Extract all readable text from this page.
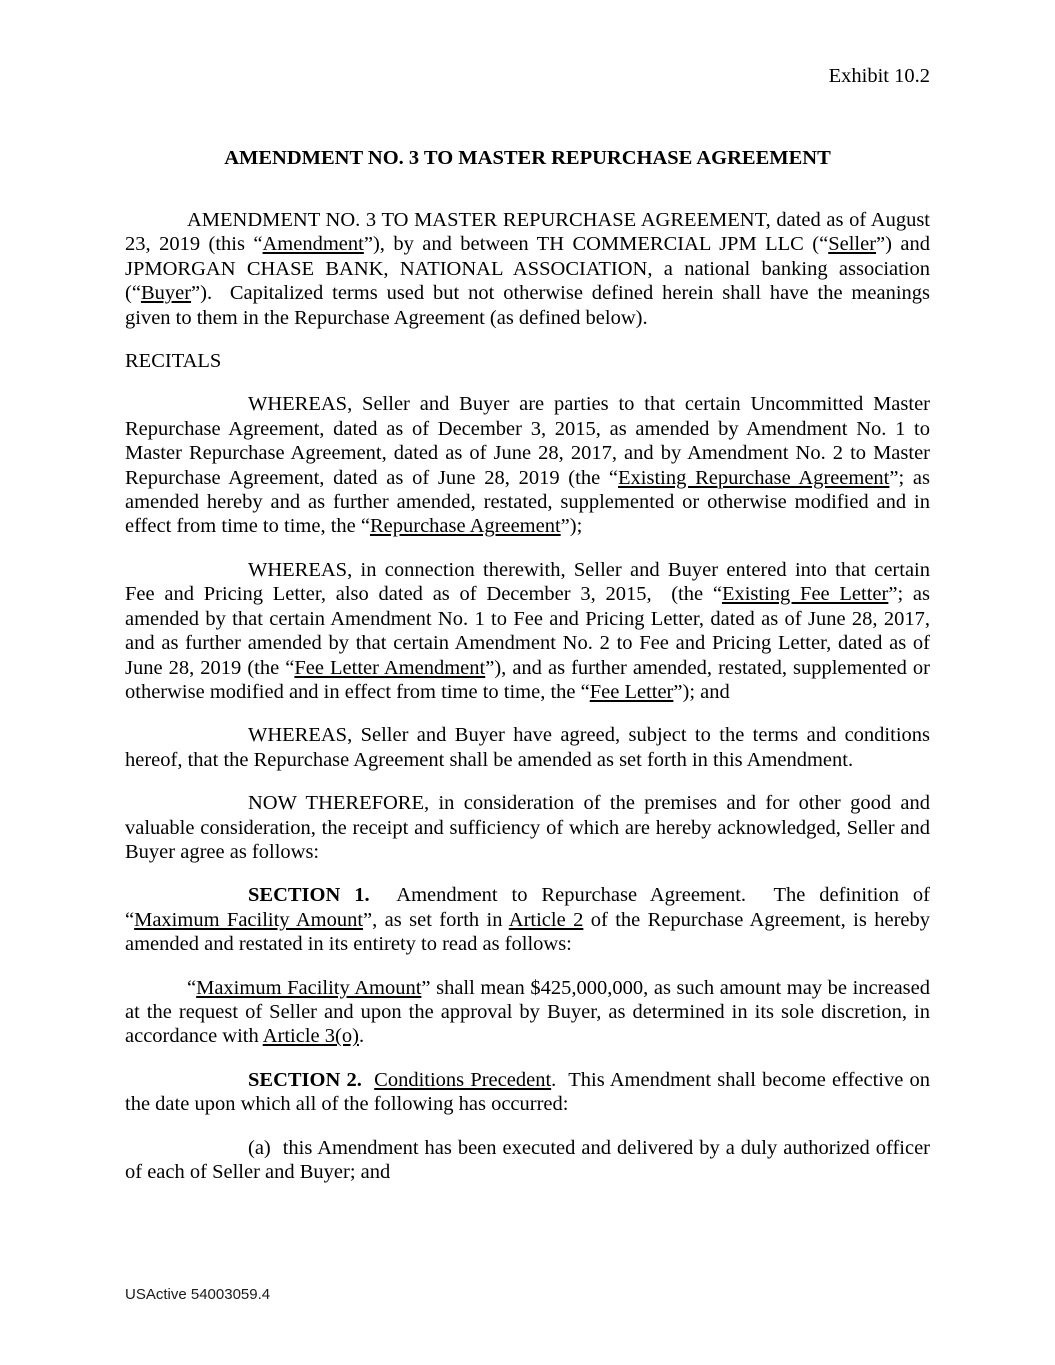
Exhibit 10.2
AMENDMENT NO. 3 TO MASTER REPURCHASE AGREEMENT

AMENDMENT NO. 3 TO MASTER REPURCHASE AGREEMENT, dated as of August 23, 2019 (this “Amendment”), by and between TH COMMERCIAL JPM LLC (“Seller”) and JPMORGAN CHASE BANK, NATIONAL ASSOCIATION, a national banking association (“Buyer”).  Capitalized terms used but not otherwise defined herein shall have the meanings given to them in the Repurchase Agreement (as defined below).

RECITALS

WHEREAS, Seller and Buyer are parties to that certain Uncommitted Master Repurchase Agreement, dated as of December 3, 2015, as amended by Amendment No. 1 to Master Repurchase Agreement, dated as of June 28, 2017, and by Amendment No. 2 to Master Repurchase Agreement, dated as of June 28, 2019 (the “Existing Repurchase Agreement”; as amended hereby and as further amended, restated, supplemented or otherwise modified and in effect from time to time, the “Repurchase Agreement”);

WHEREAS, in connection therewith, Seller and Buyer entered into that certain Fee and Pricing Letter, also dated as of December 3, 2015,  (the “Existing Fee Letter”; as amended by that certain Amendment No. 1 to Fee and Pricing Letter, dated as of June 28, 2017, and as further amended by that certain Amendment No. 2 to Fee and Pricing Letter, dated as of June 28, 2019 (the “Fee Letter Amendment”), and as further amended, restated, supplemented or otherwise modified and in effect from time to time, the “Fee Letter”); and

WHEREAS, Seller and Buyer have agreed, subject to the terms and conditions hereof, that the Repurchase Agreement shall be amended as set forth in this Amendment.

NOW THEREFORE, in consideration of the premises and for other good and valuable consideration, the receipt and sufficiency of which are hereby acknowledged, Seller and Buyer agree as follows:

SECTION 1.  Amendment to Repurchase Agreement.  The definition of “Maximum Facility Amount”, as set forth in Article 2 of the Repurchase Agreement, is hereby amended and restated in its entirety to read as follows:

“Maximum Facility Amount” shall mean $425,000,000, as such amount may be increased at the request of Seller and upon the approval by Buyer, as determined in its sole discretion, in accordance with Article 3(o).

SECTION 2. Conditions Precedent.  This Amendment shall become effective on the date upon which all of the following has occurred:

(a)  this Amendment has been executed and delivered by a duly authorized officer of each of Seller and Buyer; and

USActive 54003059.4
